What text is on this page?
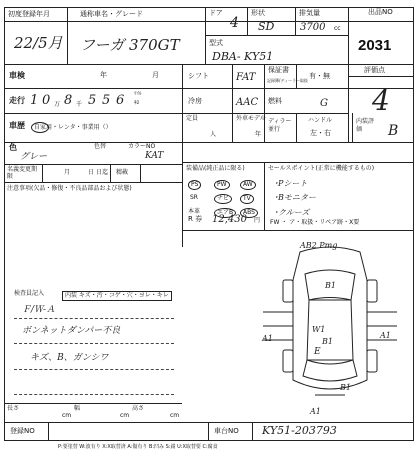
初度登録年月
22/5月
通称車名・グレード
フーガ 370GT
ドア
4
形状
SD
排気量
3700 cc
型式
DBA- KY51
出品NO
2031
車検	年	月	シフト	FAT
保証書
記録簿/ディーラー取扱
有・無
評価点
4
走行 1 0 万 8 千 5 5 6 ﾏｲﾙ
ｷﾛ	冷房	AAC 燃料	G
車歴 自家用・レンタ・事業用（）
定員
人
外車モデル
年
ディラー並行
ハンドル
左・右
内装評価	B
色	色替	カラーNO
グレー	KAT
名義変更期限
月	日 日迄 精載
注意事項(欠品・修復・不良品部品および状態)
装備品(純正品に限る)	セールスポイント(正常に機能するもの)
PS	PW	AW
SR	ナビ	TV
本革	エアB	ABS
R 券 12,430 円
･Pシート
･Bモニター
･クルーズ
FW ・ ア・取扱・リペア跡・X要
検査員記入	内装 キズ・汚・コゲ・穴・ヨレ・キレ
Ｆ/Ｗ-Ａ
ボンネットダンパー不良
キズ、B、ガンシワ
AB2 Pmg
B1
W1
B1
E
A1	A1
B1
A1
長さ
cm
幅
cm
高さ
cm
登録NO	車台NO KY51-203793
P:要塗替 W:波有り X:X取替済 A:傷有り B:凹み S:錆 U:X取替要 C:腐食
